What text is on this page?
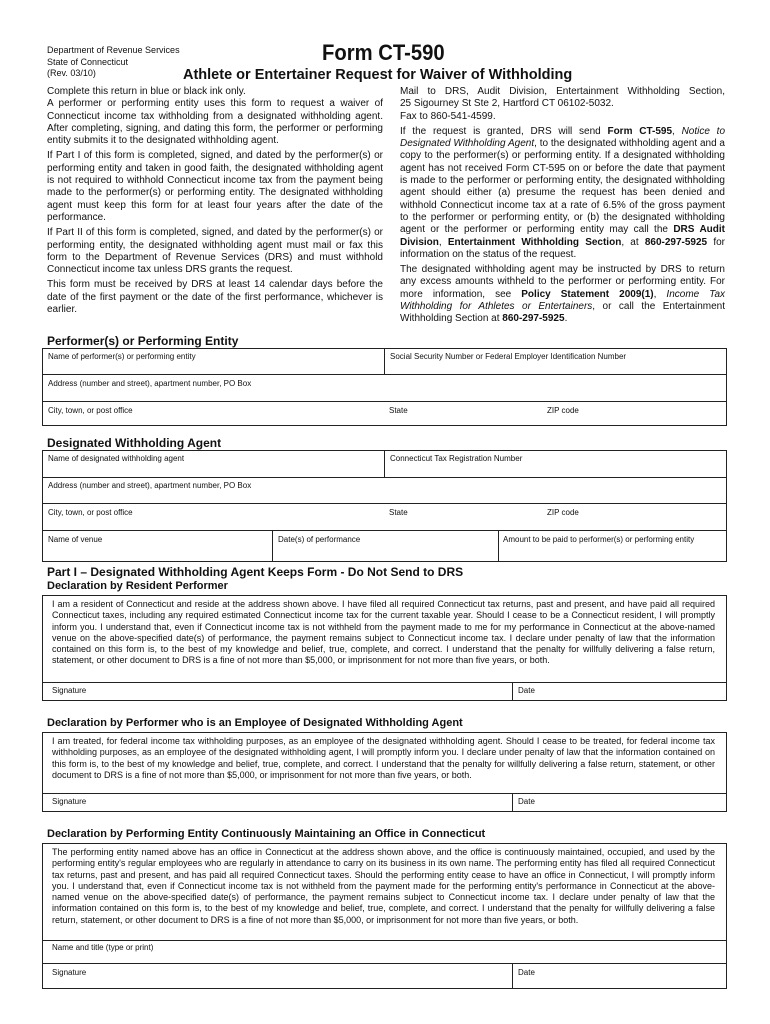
Department of Revenue Services
State of Connecticut
(Rev. 03/10)
Form CT-590
Athlete or Entertainer Request for Waiver of Withholding

Complete this return in blue or black ink only.

A performer or performing entity uses this form to request a waiver of Connecticut income tax withholding from a designated withholding agent. After completing, signing, and dating this form, the performer or performing entity submits it to the designated withholding agent.

If Part I of this form is completed, signed, and dated by the performer(s) or performing entity and taken in good faith, the designated withholding agent is not required to withhold Connecticut income tax from the payment being made to the performer(s) or performing entity. The designated withholding agent must keep this form for at least four years after the date of the performance.

If Part II of this form is completed, signed, and dated by the performer(s) or performing entity, the designated withholding agent must mail or fax this form to the Department of Revenue Services (DRS) and must withhold Connecticut income tax unless DRS grants the request.

This form must be received by DRS at least 14 calendar days before the date of the first payment or the date of the first performance, whichever is earlier.

Mail to DRS, Audit Division, Entertainment Withholding Section,

25 Sigourney St Ste 2, Hartford CT 06102-5032.

Fax to 860-541-4599.

If the request is granted, DRS will send Form CT-595, Notice to Designated Withholding Agent, to the designated withholding agent and a copy to the performer(s) or performing entity. If a designated withholding agent has not received Form CT-595 on or before the date that payment is made to the performer or performing entity, the designated withholding agent should either (a) presume the request has been denied and withhold Connecticut income tax at a rate of 6.5% of the gross payment to the performer or performing entity, or (b) the designated withholding agent or the performer or performing entity may call the DRS Audit Division, Entertainment Withholding Section, at 860-297-5925 for information on the status of the request.

The designated withholding agent may be instructed by DRS to return any excess amounts withheld to the performer or performing entity. For more information, see Policy Statement 2009(1), Income Tax Withholding for Athletes or Entertainers, or call the Entertainment Withholding Section at 860-297-5925.

Performer(s) or Performing Entity
Name of performer(s) or performing entity	Social Security Number or Federal Employer Identification Number
Address (number and street), apartment number, PO Box
City, town, or post office	State	ZIP code
Designated Withholding Agent
Name of designated withholding agent	Connecticut Tax Registration Number
Address (number and street), apartment number, PO Box
City, town, or post office	State	ZIP code
Name of venue	Date(s) of performance	Amount to be paid to performer(s) or performing entity
Part I – Designated Withholding Agent Keeps Form - Do Not Send to DRS
Declaration by Resident Performer
I am a resident of Connecticut and reside at the address shown above. I have filed all required Connecticut tax returns, past and present, and have paid all required Connecticut taxes, including any required estimated Connecticut income tax for the current taxable year. Should I cease to be a Connecticut resident, I will promptly inform you. I understand that, even if Connecticut income tax is not withheld from the payment made to me for my performance in Connecticut at the above-named venue on the above-specified date(s) of performance, the payment remains subject to Connecticut income tax. I declare under penalty of law that the information contained on this form is, to the best of my knowledge and belief, true, complete, and correct. I understand that the penalty for willfully delivering a false return, statement, or other document to DRS is a fine of not more than $5,000, or imprisonment for not more than five years, or both.
Signature	Date
Declaration by Performer who is an Employee of Designated Withholding Agent
I am treated, for federal income tax withholding purposes, as an employee of the designated withholding agent. Should I cease to be treated, for federal income tax withholding purposes, as an employee of the designated withholding agent, I will promptly inform you. I declare under penalty of law that the information contained on this form is, to the best of my knowledge and belief, true, complete, and correct. I understand that the penalty for willfully delivering a false return, statement, or other document to DRS is a fine of not more than $5,000, or imprisonment for not more than five years, or both.
Signature	Date
Declaration by Performing Entity Continuously Maintaining an Office in Connecticut
The performing entity named above has an office in Connecticut at the address shown above, and the office is continuously maintained, occupied, and used by the performing entity's regular employees who are regularly in attendance to carry on its business in its own name. The performing entity has filed all required Connecticut tax returns, past and present, and has paid all required Connecticut taxes. Should the performing entity cease to have an office in Connecticut, I will promptly inform you. I understand that, even if Connecticut income tax is not withheld from the payment made for the performing entity's performance in Connecticut at the above-named venue on the above-specified date(s) of performance, the payment remains subject to Connecticut income tax. I declare under penalty of law that the information contained on this form is, to the best of my knowledge and belief, true, complete, and correct. I understand that the penalty for willfully delivering a false return, statement, or other document to DRS is a fine of not more than $5,000, or imprisonment for not more than five years, or both.
Name and title (type or print)
Signature	Date
